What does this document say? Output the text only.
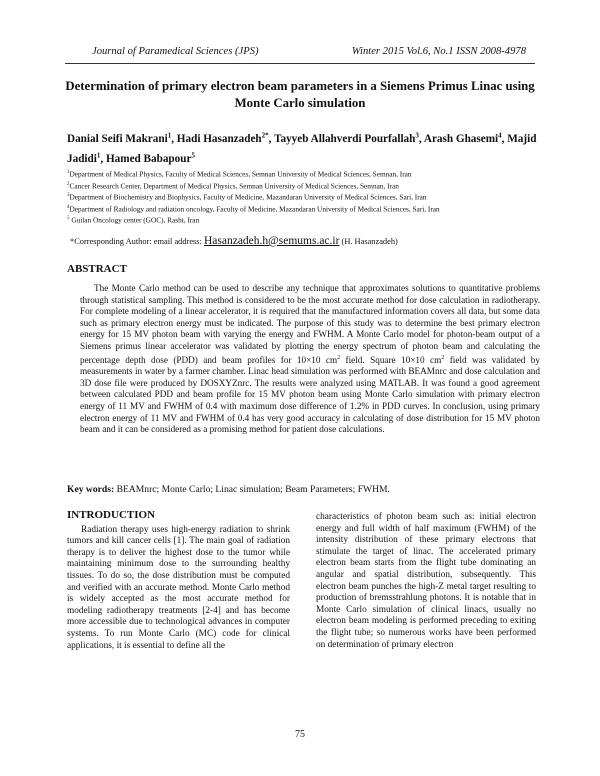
Journal of Paramedical Sciences (JPS)	Winter 2015 Vol.6, No.1 ISSN 2008-4978
Determination of primary electron beam parameters in a Siemens Primus Linac using Monte Carlo simulation
Danial Seifi Makrani$^1$, Hadi Hasanzadeh$^{2*}$, Tayyeb Allahverdi Pourfallah$^3$, Arash Ghasemi$^4$, Majid Jadidi$^1$, Hamed Babapour$^5$
$^1$Department of Medical Physics, Faculty of Medical Sciences, Semnan University of Medical Sciences, Semnan, Iran
$^2$Cancer Research Center, Department of Medical Physics, Semnan University of Medical Sciences, Semnan, Iran
$^3$Department of Biochemistry and Biophysics, Faculty of Medicine, Mazandaran University of Medical Sciences, Sari, Iran
$^4$Department of Radiology and radiation oncology, Faculty of Medicine, Mazandaran University of Medical Sciences, Sari, Iran
$^5$ Guilan Oncology center (GOC), Rasht, Iran
*Corresponding Author: email address: Hasanzadeh.h@semums.ac.ir (H. Hasanzadeh)
ABSTRACT

The Monte Carlo method can be used to describe any technique that approximates solutions to quantitative problems through statistical sampling. This method is considered to be the most accurate method for dose calculation in radiotherapy. For complete modeling of a linear accelerator, it is required that the manufactured information covers all data, but some data such as primary electron energy must be indicated. The purpose of this study was to determine the best primary electron energy for 15 MV photon beam with varying the energy and FWHM. A Monte Carlo model for photon-beam output of a Siemens primus linear accelerator was validated by plotting the energy spectrum of photon beam and calculating the percentage depth dose (PDD) and beam profiles for 10×10 $cm^2$ field. Square 10×10 $cm^2$ field was validated by measurements in water by a farmer chamber. Linac head simulation was performed with BEAMnrc and dose calculation and 3D dose file were produced by DOSXYZnrc. The results were analyzed using MATLAB. It was found a good agreement between calculated PDD and beam profile for 15 MV photon beam using Monte Carlo simulation with primary electron energy of 11 MV and FWHM of 0.4 with maximum dose difference of 1.2% in PDD curves. In conclusion, using primary electron energy of 11 MV and FWHM of 0.4 has very good accuracy in calculating of dose distribution for 15 MV photon beam and it can be considered as a promising method for patient dose calculations.

Key words: BEAMnrc; Monte Carlo; Linac simulation; Beam Parameters; FWHM.
INTRODUCTION

Radiation therapy uses high-energy radiation to shrink tumors and kill cancer cells [1]. The main goal of radiation therapy is to deliver the highest dose to the tumor while maintaining minimum dose to the surrounding healthy tissues. To do so, the dose distribution must be computed and verified with an accurate method. Monte Carlo method is widely accepted as the most accurate method for modeling radiotherapy treatments [2-4] and has become more accessible due to technological advances in computer systems. To run Monte Carlo (MC) code for clinical applications, it is essential to define all the

characteristics of photon beam such as: initial electron energy and full width of half maximum (FWHM) of the intensity distribution of these primary electrons that stimulate the target of linac. The accelerated primary electron beam starts from the flight tube dominating an angular and spatial distribution, subsequently. This electron beam punches the high-Z metal target resulting to production of bremsstrahlung photons. It is notable that in Monte Carlo simulation of clinical linacs, usually no electron beam modeling is performed preceding to exiting the flight tube; so numerous works have been performed on determination of primary electron

75
